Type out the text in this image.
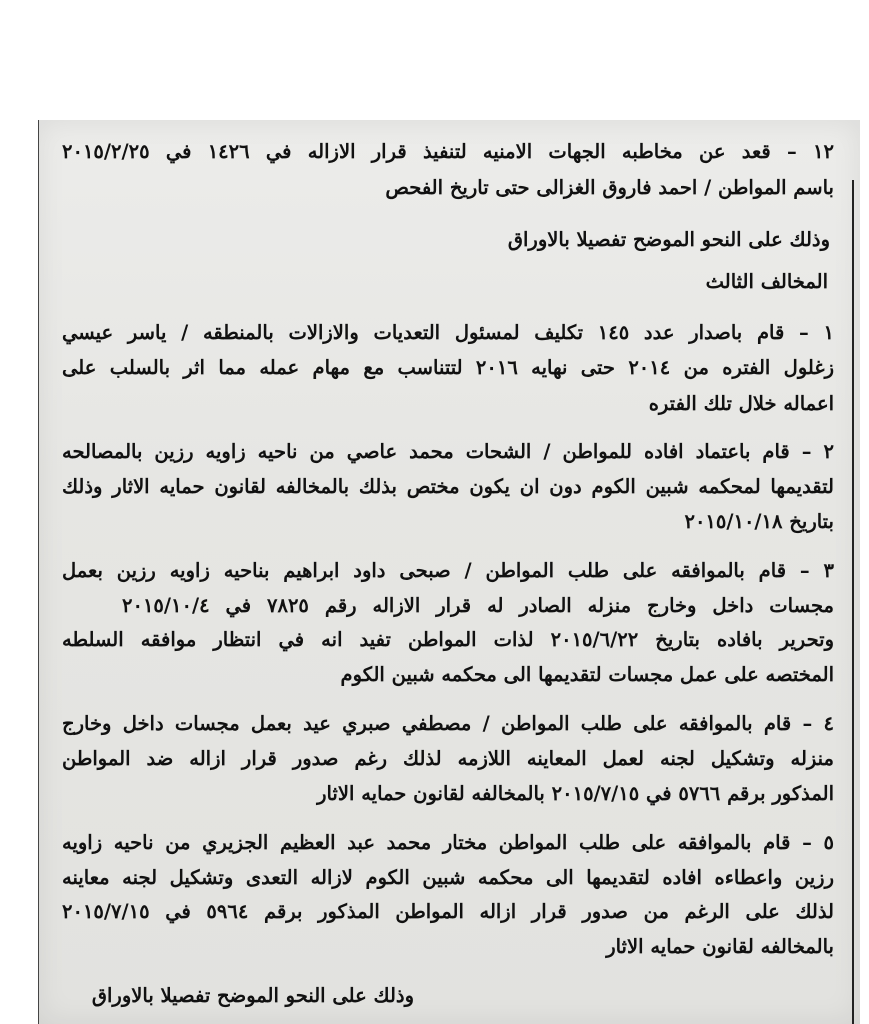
١٢ – قعد عن مخاطبه الجهات الامنيه لتنفيذ قرار الازاله في ١٤٢٦ في ٢٠١٥/٢/٢٥
باسم المواطن / احمد فاروق الغزالى حتى تاريخ الفحص
وذلك على النحو الموضح تفصيلا بالاوراق
المخالف الثالث
١ – قام باصدار عدد ١٤٥ تكليف لمسئول التعديات والازالات بالمنطقه / ياسر عيسي
زغلول الفتره من ٢٠١٤ حتى نهايه ٢٠١٦ لتتناسب مع مهام عمله مما اثر بالسلب على
اعماله خلال تلك الفتره
٢ – قام باعتماد افاده للمواطن / الشحات محمد عاصي من ناحيه زاويه رزين بالمصالحه
لتقديمها لمحكمه شبين الكوم دون ان يكون مختص بذلك بالمخالفه لقانون حمايه الاثار وذلك
بتاريخ ٢٠١٥/١٠/١٨
٣ – قام بالموافقه على طلب المواطن / صبحى داود ابراهيم بناحيه زاويه رزين بعمل
مجسات داخل وخارج منزله الصادر له قرار الازاله رقم ٧٨٢٥ في ٢٠١٥/١٠/٤
وتحرير بافاده بتاريخ ٢٠١٥/٦/٢٢ لذات المواطن تفيد انه في انتظار موافقه السلطه
المختصه على عمل مجسات لتقديمها الى محكمه شبين الكوم
٤ – قام بالموافقه على طلب المواطن / مصطفي صبري عيد بعمل مجسات داخل وخارج
منزله وتشكيل لجنه لعمل المعاينه اللازمه لذلك رغم صدور قرار ازاله ضد المواطن
المذكور برقم ٥٧٦٦ في ٢٠١٥/٧/١٥ بالمخالفه لقانون حمايه الاثار
٥ – قام بالموافقه على طلب المواطن مختار محمد عبد العظيم الجزيري من ناحيه زاويه
رزين واعطاءه افاده لتقديمها الى محكمه شبين الكوم لازاله التعدى وتشكيل لجنه معاينه
لذلك على الرغم من صدور قرار ازاله المواطن المذكور برقم ٥٩٦٤ في ٢٠١٥/٧/١٥
بالمخالفه لقانون حمايه الاثار
وذلك على النحو الموضح تفصيلا بالاوراق
